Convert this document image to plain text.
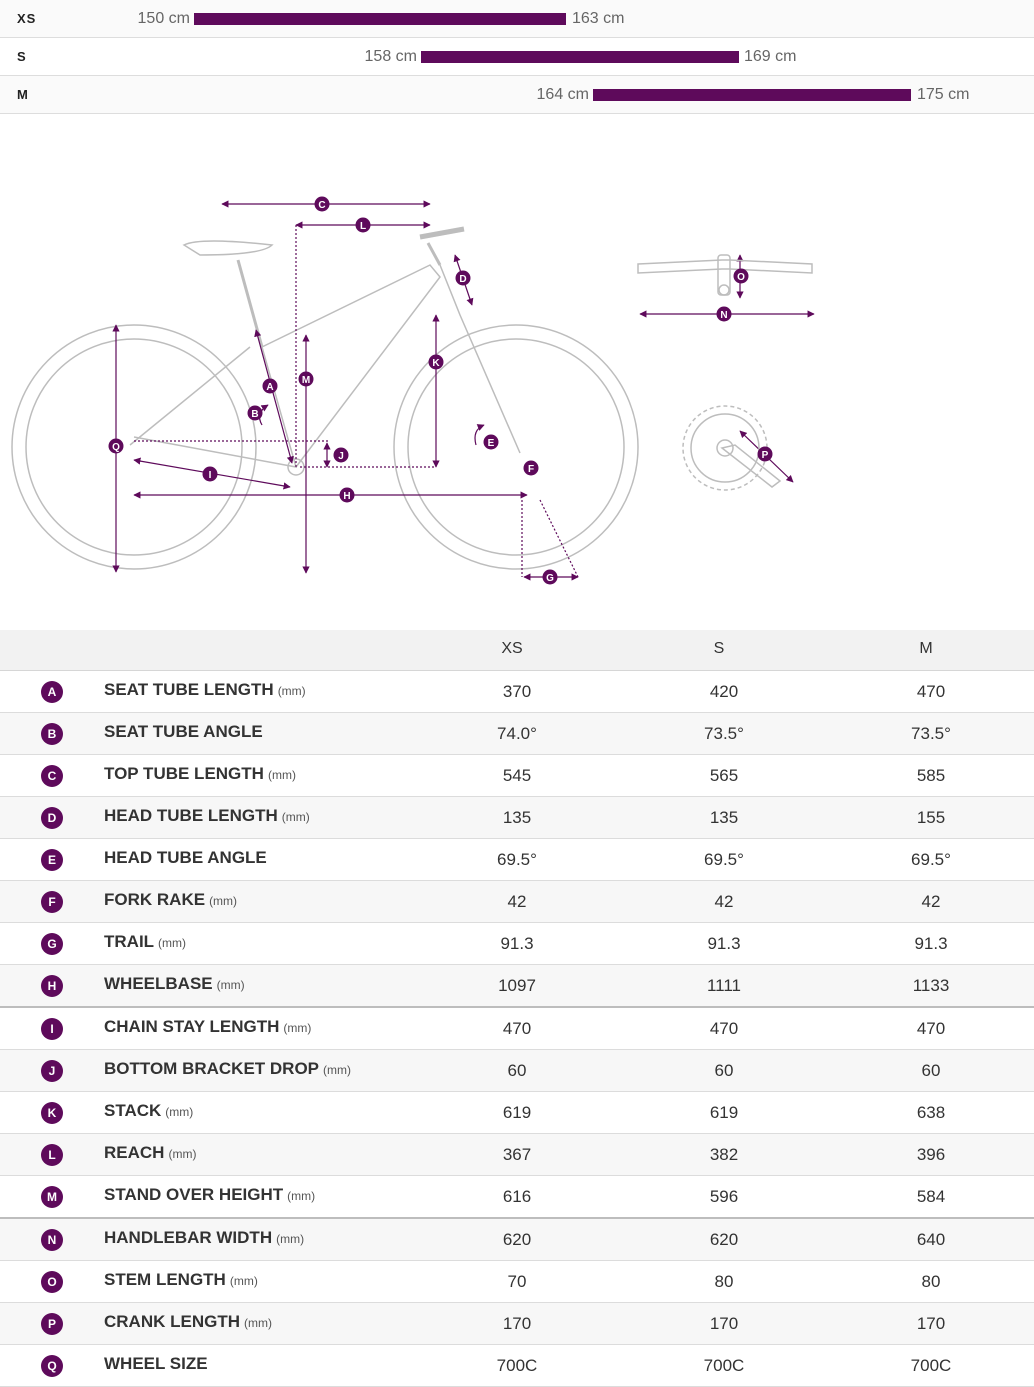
XS	150 cm	163 cm
S	158 cm	169 cm
M	164 cm	175 cm
C
L
D
K
M
A
B
Q	E
J
F
I
H
G
O
N
P
XS	S	M
A	SEAT TUBE LENGTH (mm)	370	420	470
B	SEAT TUBE ANGLE	74.0°	73.5°	73.5°
C	TOP TUBE LENGTH (mm)	545	565	585
D	HEAD TUBE LENGTH (mm)	135	135	155
E	HEAD TUBE ANGLE	69.5°	69.5°	69.5°
F	FORK RAKE (mm)	42	42	42
G	TRAIL (mm)	91.3	91.3	91.3
H	WHEELBASE (mm)	1097	1111	1133
I	CHAIN STAY LENGTH (mm)	470	470	470
J	BOTTOM BRACKET DROP (mm)	60	60	60
K	STACK (mm)	619	619	638
L	REACH (mm)	367	382	396
M	STAND OVER HEIGHT (mm)	616	596	584
N	HANDLEBAR WIDTH (mm)	620	620	640
O	STEM LENGTH (mm)	70	80	80
P	CRANK LENGTH (mm)	170	170	170
Q	WHEEL SIZE	700C	700C	700C
